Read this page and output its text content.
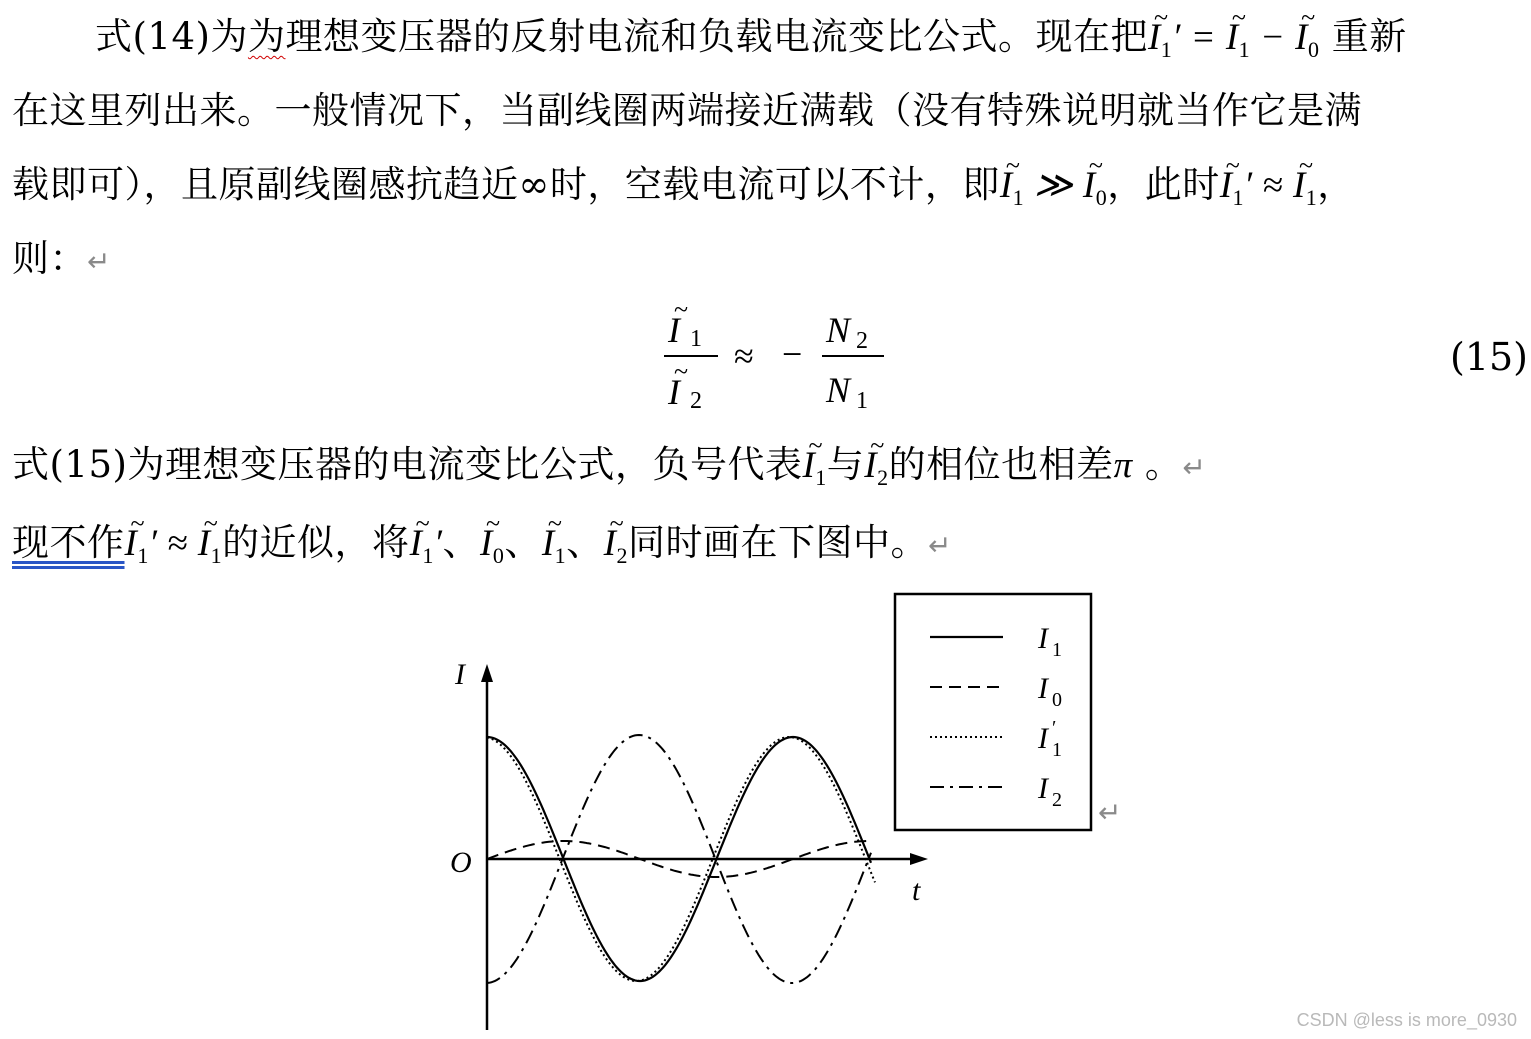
式(14)为为理想变压器的反射电流和负载电流变比公式。现在把~ $I_1'$ = ~ $I_1$ − ~ $I_0$ 重新
在这里列出来。一般情况下，当副线圈两端接近满载（没有特殊说明就当作它是满
载即可），且原副线圈感抗趋近∞时，空载电流可以不计，即~ $I_1$ ≫ ~ $I_0$，此时~ $I_1'$ ≈ ~ $I_1$，
则：↵
I
~
1
I
~
2
≈ −
N 2
N 1
(15)
式(15)为理想变压器的电流变比公式，负号代表~ $I_1$与~ $I_2$的相位也相差π 。↵
现不作~ $I_1'$ ≈ ~ $I_1$的近似，将~ $I_1'$、~ $I_0$、~ $I_1$、~ $I_2$同时画在下图中。↵
I
t
O
I 1
I 0
I ′
1
I 2 ↵
CSDN @less is more_0930
